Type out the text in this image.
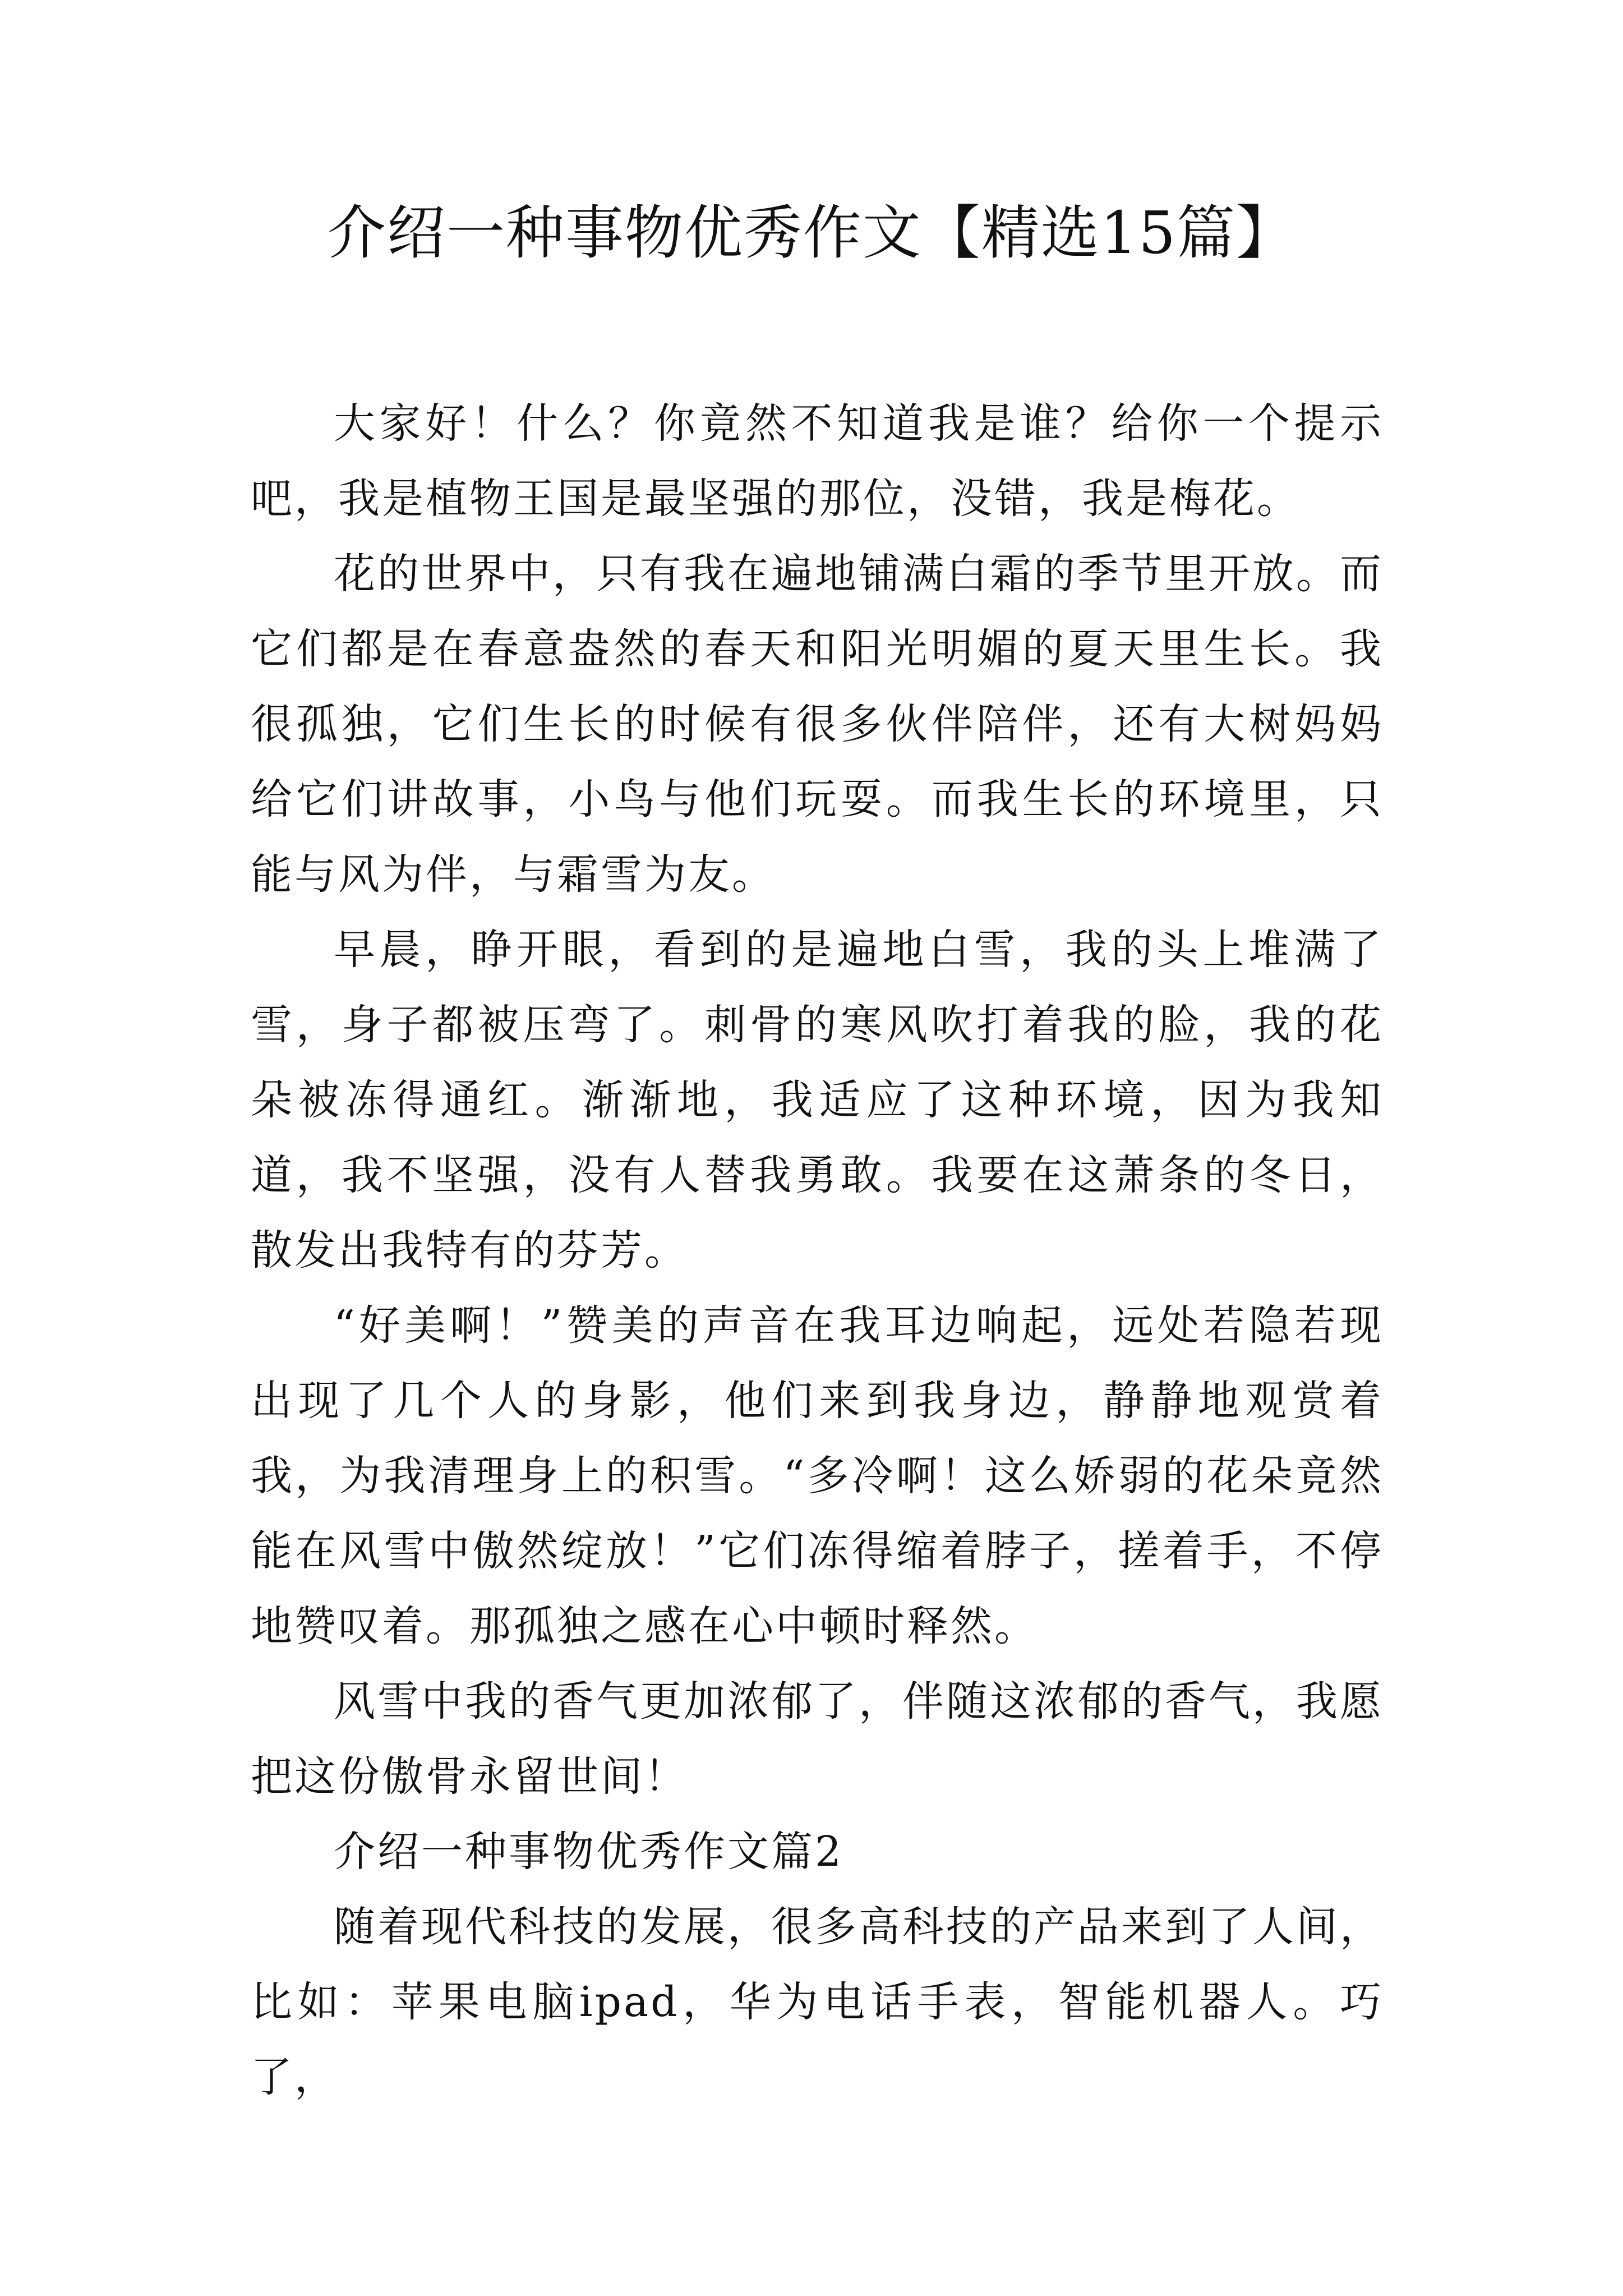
介绍一种事物优秀作文【精选15篇】

大家好！什么？你竟然不知道我是谁？给你一个提示吧，我是植物王国是最坚强的那位，没错，我是梅花。

花的世界中，只有我在遍地铺满白霜的季节里开放。而它们都是在春意盎然的春天和阳光明媚的夏天里生长。我很孤独，它们生长的时候有很多伙伴陪伴，还有大树妈妈给它们讲故事，小鸟与他们玩耍。而我生长的环境里，只能与风为伴，与霜雪为友。

早晨，睁开眼，看到的是遍地白雪，我的头上堆满了雪，身子都被压弯了。刺骨的寒风吹打着我的脸，我的花朵被冻得通红。渐渐地，我适应了这种环境，因为我知道，我不坚强，没有人替我勇敢。我要在这萧条的冬日，散发出我特有的芬芳。

“好美啊！”赞美的声音在我耳边响起，远处若隐若现出现了几个人的身影，他们来到我身边，静静地观赏着我，为我清理身上的积雪。“多冷啊！这么娇弱的花朵竟然能在风雪中傲然绽放！”它们冻得缩着脖子，搓着手，不停地赞叹着。那孤独之感在心中顿时释然。

风雪中我的香气更加浓郁了，伴随这浓郁的香气，我愿把这份傲骨永留世间！

介绍一种事物优秀作文篇2

随着现代科技的发展，很多高科技的产品来到了人间，比如：苹果电脑ipad，华为电话手表，智能机器人。巧了，
